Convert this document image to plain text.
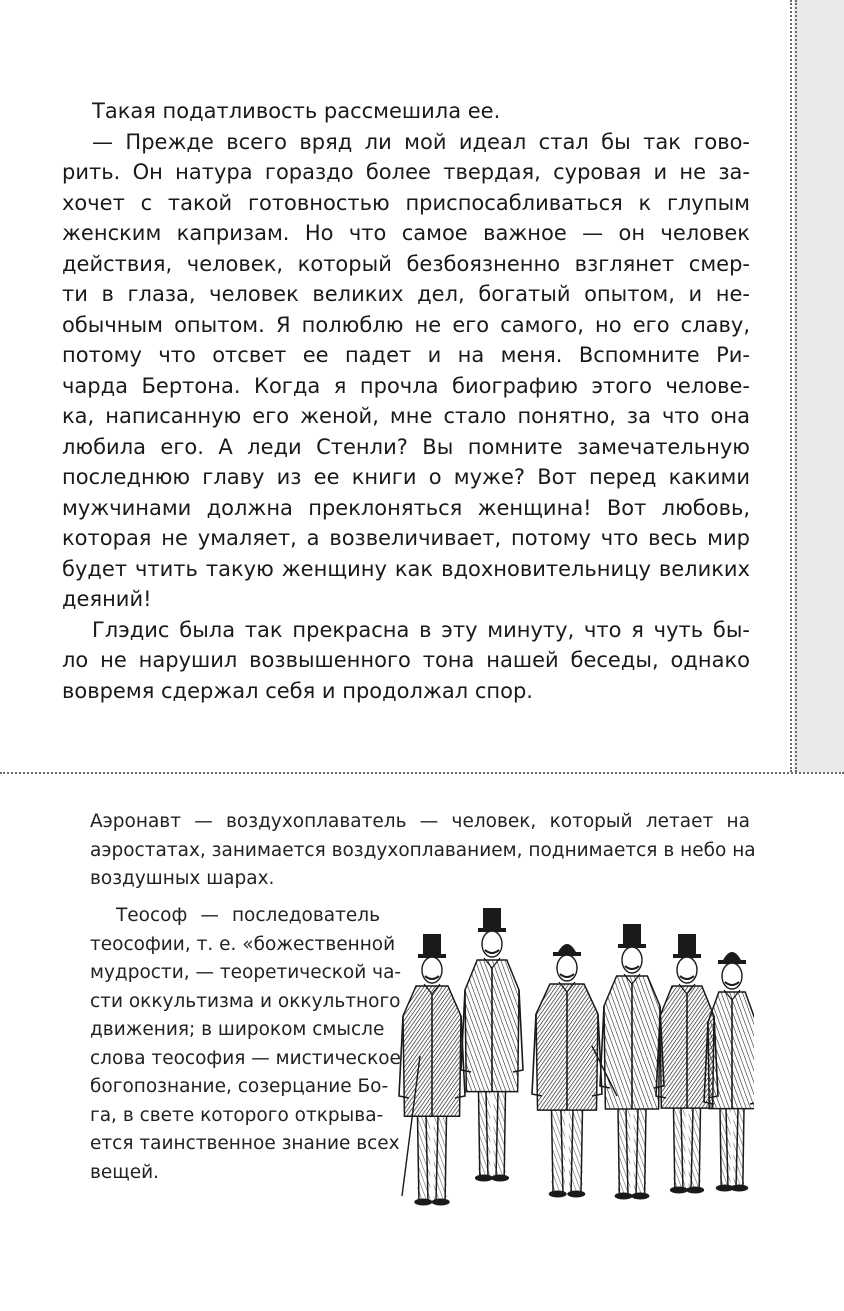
Такая податливость рассмешила ее.
— Прежде всего вряд ли мой идеал стал бы так гово-
рить. Он натура гораздо более твердая, суровая и не за-
хочет с такой готовностью приспосабливаться к глупым
женским капризам. Но что самое важное — он человек
действия, человек, который безбоязненно взглянет смер-
ти в глаза, человек великих дел, богатый опытом, и не-
обычным опытом. Я полюблю не его самого, но его славу,
потому что отсвет ее падет и на меня. Вспомните Ри-
чарда Бертона. Когда я прочла биографию этого челове-
ка, написанную его женой, мне стало понятно, за что она
любила его. А леди Стенли? Вы помните замечательную
последнюю главу из ее книги о муже? Вот перед какими
мужчинами должна преклоняться женщина! Вот любовь,
которая не умаляет, а возвеличивает, потому что весь мир
будет чтить такую женщину как вдохновительницу великих
деяний!
Глэдис была так прекрасна в эту минуту, что я чуть бы-
ло не нарушил возвышенного тона нашей беседы, однако
вовремя сдержал себя и продолжал спор.
Аэронавт — воздухоплаватель — человек, который летает на
аэростатах, занимается воздухоплаванием, поднимается в небо на
воздушных шарах.
Теософ — последователь
теософии, т. е. «божественной
мудрости, — теоретической ча-
сти оккультизма и оккультного
движения; в широком смысле
слова теософия — мистическое
богопознание, созерцание Бо-
га, в свете которого открыва-
ется таинственное знание всех
вещей.
